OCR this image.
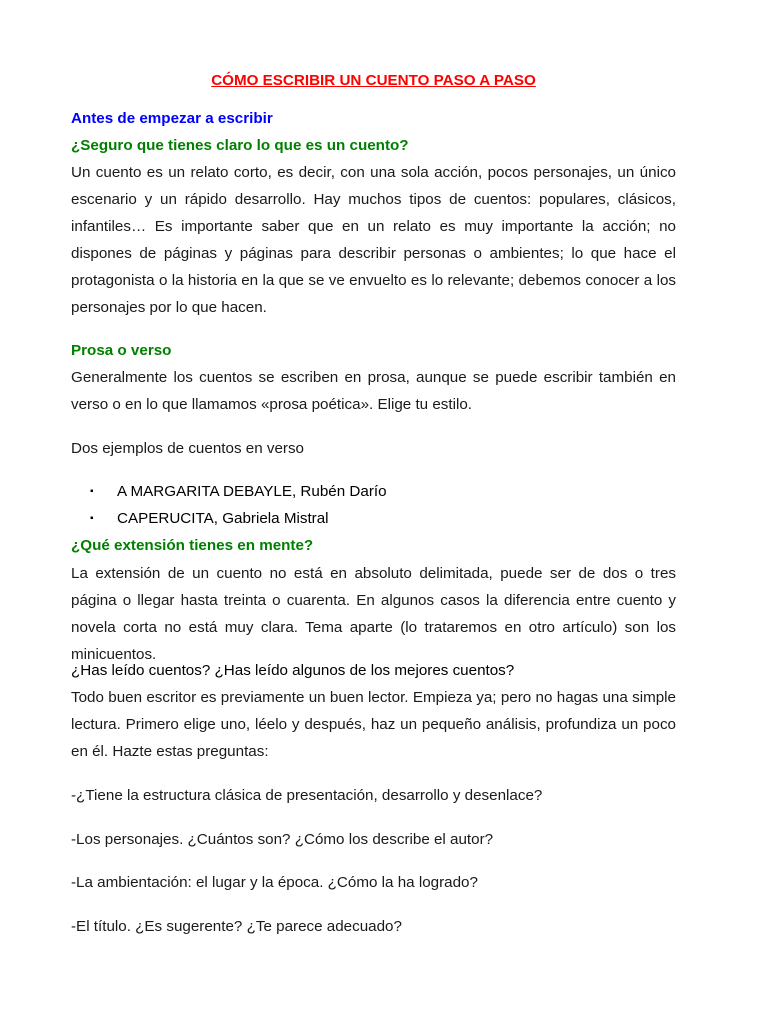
CÓMO ESCRIBIR UN CUENTO PASO A PASO

Antes de empezar a escribir

¿Seguro que tienes claro lo que es un cuento?

Un cuento es un relato corto, es decir, con una sola acción, pocos personajes, un único escenario y un rápido desarrollo. Hay muchos tipos de cuentos: populares, clásicos, infantiles… Es importante saber que en un relato es muy importante la acción; no dispones de páginas y páginas para describir personas o ambientes; lo que hace el protagonista o la historia en la que se ve envuelto es lo relevante; debemos conocer a los personajes por lo que hacen.

Prosa o verso

Generalmente los cuentos se escriben en prosa, aunque se puede escribir también en verso o en lo que llamamos «prosa poética». Elige tu estilo.

Dos ejemplos de cuentos en verso

▪ A MARGARITA DEBAYLE, Rubén Darío

▪ CAPERUCITA, Gabriela Mistral

¿Qué extensión tienes en mente?

La extensión de un cuento no está en absoluto delimitada, puede ser de dos o tres página o llegar hasta treinta o cuarenta. En algunos casos la diferencia entre cuento y novela corta no está muy clara. Tema aparte (lo trataremos en otro artículo) son los minicuentos.

¿Has leído cuentos? ¿Has leído algunos de los mejores cuentos?

Todo buen escritor es previamente un buen lector. Empieza ya; pero no hagas una simple lectura. Primero elige uno, léelo y después, haz un pequeño análisis, profundiza un poco en él. Hazte estas preguntas:

-¿Tiene la estructura clásica de presentación, desarrollo y desenlace?

-Los personajes. ¿Cuántos son? ¿Cómo los describe el autor?

-La ambientación: el lugar y la época. ¿Cómo la ha logrado?

-El título. ¿Es sugerente? ¿Te parece adecuado?
